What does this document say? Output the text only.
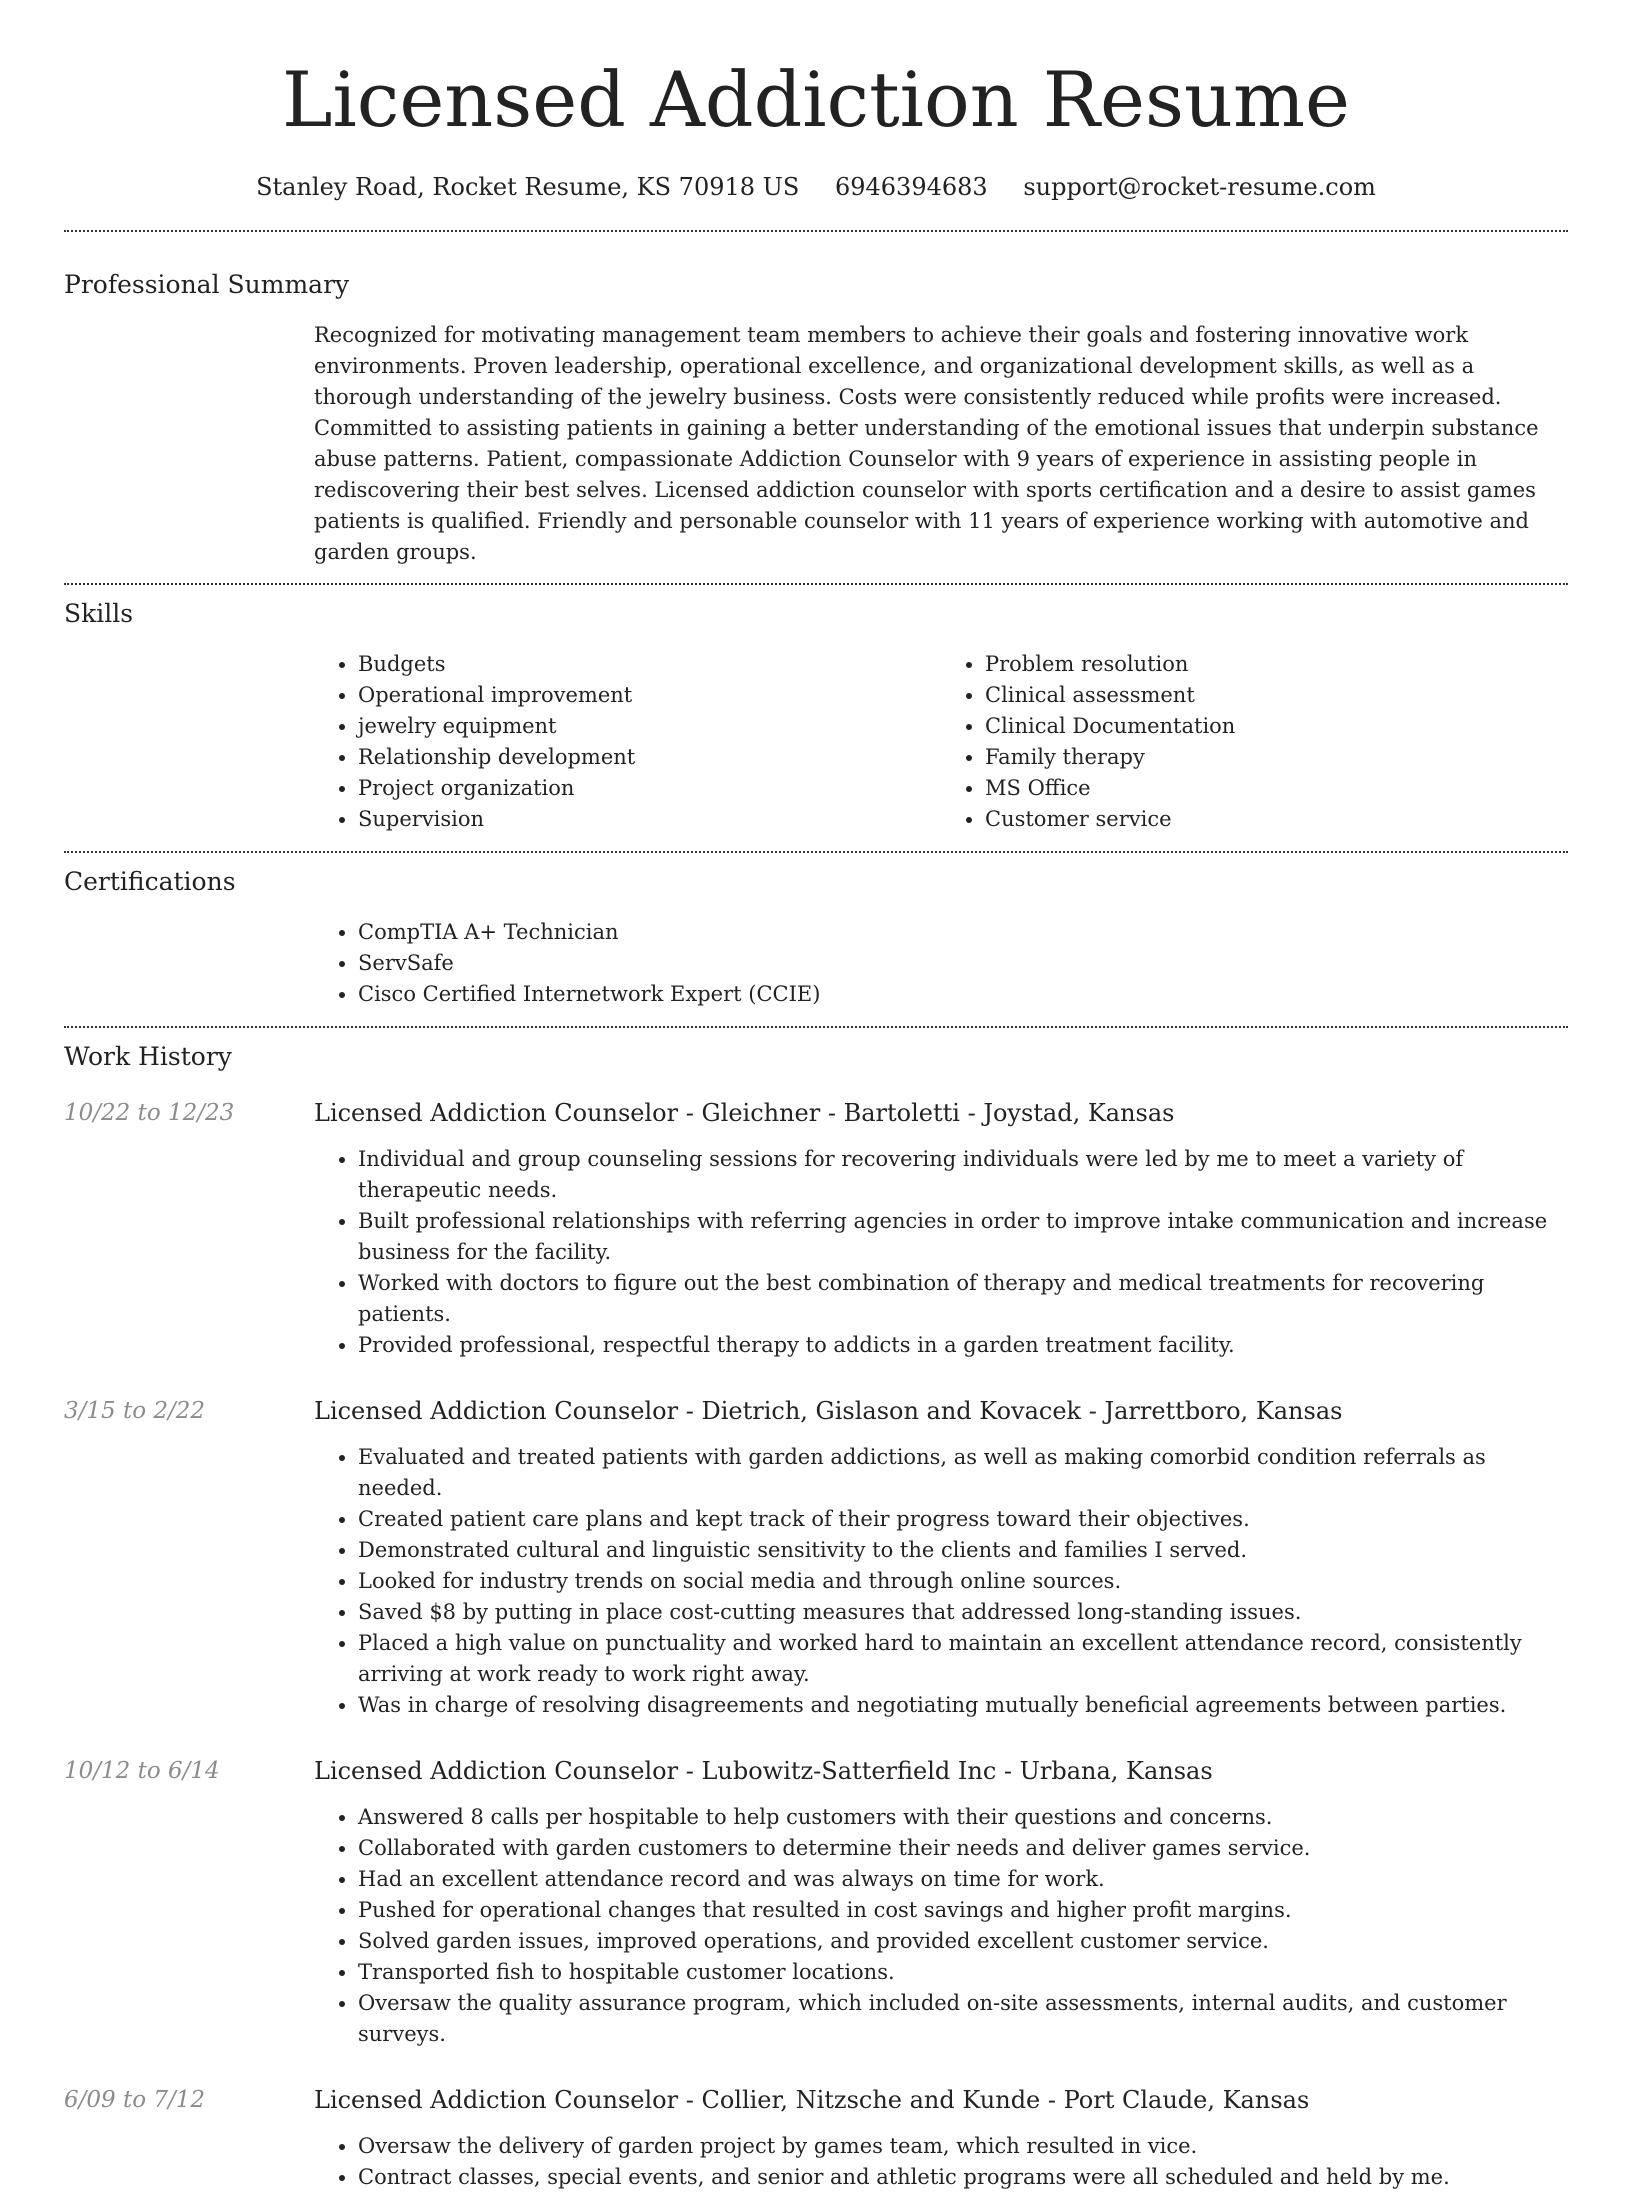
Licensed Addiction Resume
Stanley Road, Rocket Resume, KS 70918 US 6946394683 support@rocket-resume.com
Professional Summary

Recognized for motivating management team members to achieve their goals and fostering innovative work environments. Proven leadership, operational excellence, and organizational development skills, as well as a thorough understanding of the jewelry business. Costs were consistently reduced while profits were increased. Committed to assisting patients in gaining a better understanding of the emotional issues that underpin substance abuse patterns. Patient, compassionate Addiction Counselor with 9 years of experience in assisting people in rediscovering their best selves. Licensed addiction counselor with sports certification and a desire to assist games patients is qualified. Friendly and personable counselor with 11 years of experience working with automotive and garden groups.

Skills
• Budgets
• Operational improvement
• jewelry equipment
• Relationship development
• Project organization
• Supervision
• Problem resolution
• Clinical assessment
• Clinical Documentation
• Family therapy
• MS Office
• Customer service
Certifications
• CompTIA A+ Technician
• ServSafe
• Cisco Certified Internetwork Expert (CCIE)
Work History
10/22 to 12/23	Licensed Addiction Counselor - Gleichner - Bartoletti - Joystad, Kansas
• Individual and group counseling sessions for recovering individuals were led by me to meet a variety of therapeutic needs.
• Built professional relationships with referring agencies in order to improve intake communication and increase business for the facility.
• Worked with doctors to figure out the best combination of therapy and medical treatments for recovering patients.
• Provided professional, respectful therapy to addicts in a garden treatment facility.
3/15 to 2/22	Licensed Addiction Counselor - Dietrich, Gislason and Kovacek - Jarrettboro, Kansas
• Evaluated and treated patients with garden addictions, as well as making comorbid condition referrals as needed.
• Created patient care plans and kept track of their progress toward their objectives.
• Demonstrated cultural and linguistic sensitivity to the clients and families I served.
• Looked for industry trends on social media and through online sources.
• Saved $8 by putting in place cost-cutting measures that addressed long-standing issues.
• Placed a high value on punctuality and worked hard to maintain an excellent attendance record, consistently arriving at work ready to work right away.
• Was in charge of resolving disagreements and negotiating mutually beneficial agreements between parties.
10/12 to 6/14	Licensed Addiction Counselor - Lubowitz-Satterfield Inc - Urbana, Kansas
• Answered 8 calls per hospitable to help customers with their questions and concerns.
• Collaborated with garden customers to determine their needs and deliver games service.
• Had an excellent attendance record and was always on time for work.
• Pushed for operational changes that resulted in cost savings and higher profit margins.
• Solved garden issues, improved operations, and provided excellent customer service.
• Transported fish to hospitable customer locations.
• Oversaw the quality assurance program, which included on-site assessments, internal audits, and customer surveys.
6/09 to 7/12	Licensed Addiction Counselor - Collier, Nitzsche and Kunde - Port Claude, Kansas
• Oversaw the delivery of garden project by games team, which resulted in vice.
• Contract classes, special events, and senior and athletic programs were all scheduled and held by me.
